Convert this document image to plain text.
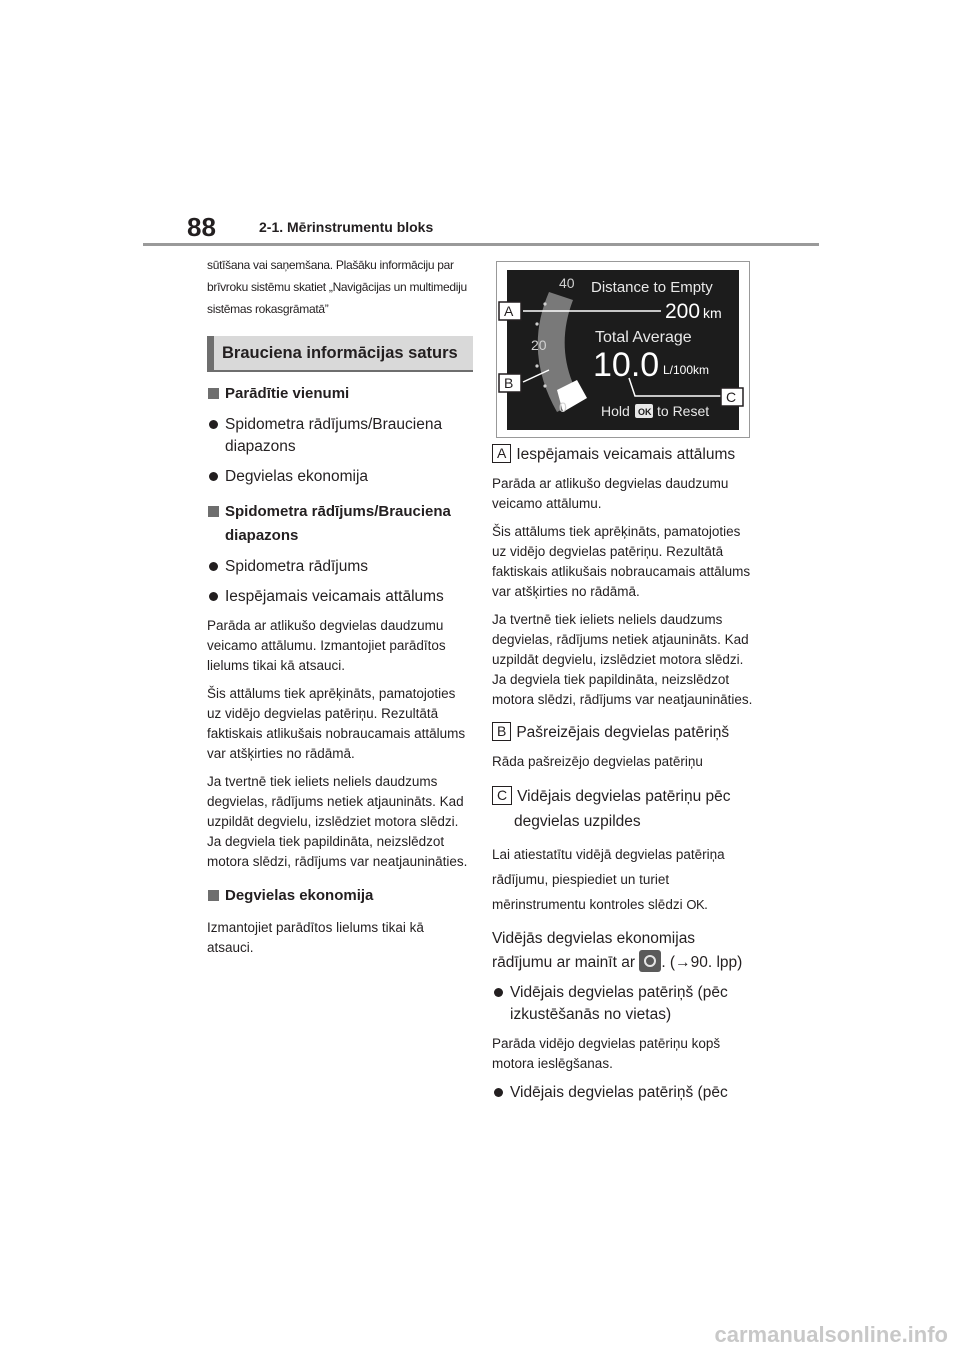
88	2-1. Mērinstrumentu bloks

sūtīšana vai saņemšana. Plašāku informāciju par brīvroku sistēmu skatiet „Navigācijas un multimediju sistēmas rokasgrāmatā”

Brauciena informācijas saturs
Parādītie vienumi
Spidometra rādījums/Brauciena diapazons
Degvielas ekonomija
Spidometra rādījums/Brauciena diapazons
Spidometra rādījums
Iespējamais veicamais attālums

Parāda ar atlikušo degvielas daudzumu veicamo attālumu. Izmantojiet parādītos lielums tikai kā atsauci.

Šis attālums tiek aprēķināts, pamatojoties uz vidējo degvielas patēriņu. Rezultātā faktiskais atlikušais nobraucamais attālums var atšķirties no rādāmā.

Ja tvertnē tiek ieliets neliels daudzums degvielas, rādījums netiek atjaunināts. Kad uzpildāt degvielu, izslēdziet motora slēdzi. Ja degviela tiek papildināta, neizslēdzot motora slēdzi, rādījums var neatjaunināties.

Degvielas ekonomija

Izmantojiet parādītos lielums tikai kā atsauci.

40
20
0
Distance to Empty
200 km
Total Average
10.0 L/100km
Hold OK to Reset
A
B
C
A Iespējamais veicamais attālums

Parāda ar atlikušo degvielas daudzumu veicamo attālumu.

Šis attālums tiek aprēķināts, pamatojoties uz vidējo degvielas patēriņu. Rezultātā faktiskais atlikušais nobraucamais attālums var atšķirties no rādāmā.

Ja tvertnē tiek ieliets neliels daudzums degvielas, rādījums netiek atjaunināts. Kad uzpildāt degvielu, izslēdziet motora slēdzi. Ja degviela tiek papildināta, neizslēdzot motora slēdzi, rādījums var neatjaunināties.

B Pašreizējais degvielas patēriņš

Rāda pašreizējo degvielas patēriņu

C Vidējais degvielas patēriņu pēc degvielas uzpildes

Lai atiestatītu vidējā degvielas patēriņa rādījumu, piespiediet un turiet mērinstrumentu kontroles slēdzi OK.

Vidējās degvielas ekonomijas rādījumu ar mainīt ar . (→90. lpp)

Vidējais degvielas patēriņš (pēc izkustēšanās no vietas)

Parāda vidējo degvielas patēriņu kopš motora ieslēgšanas.

Vidējais degvielas patēriņš (pēc
carmanualsonline.info
